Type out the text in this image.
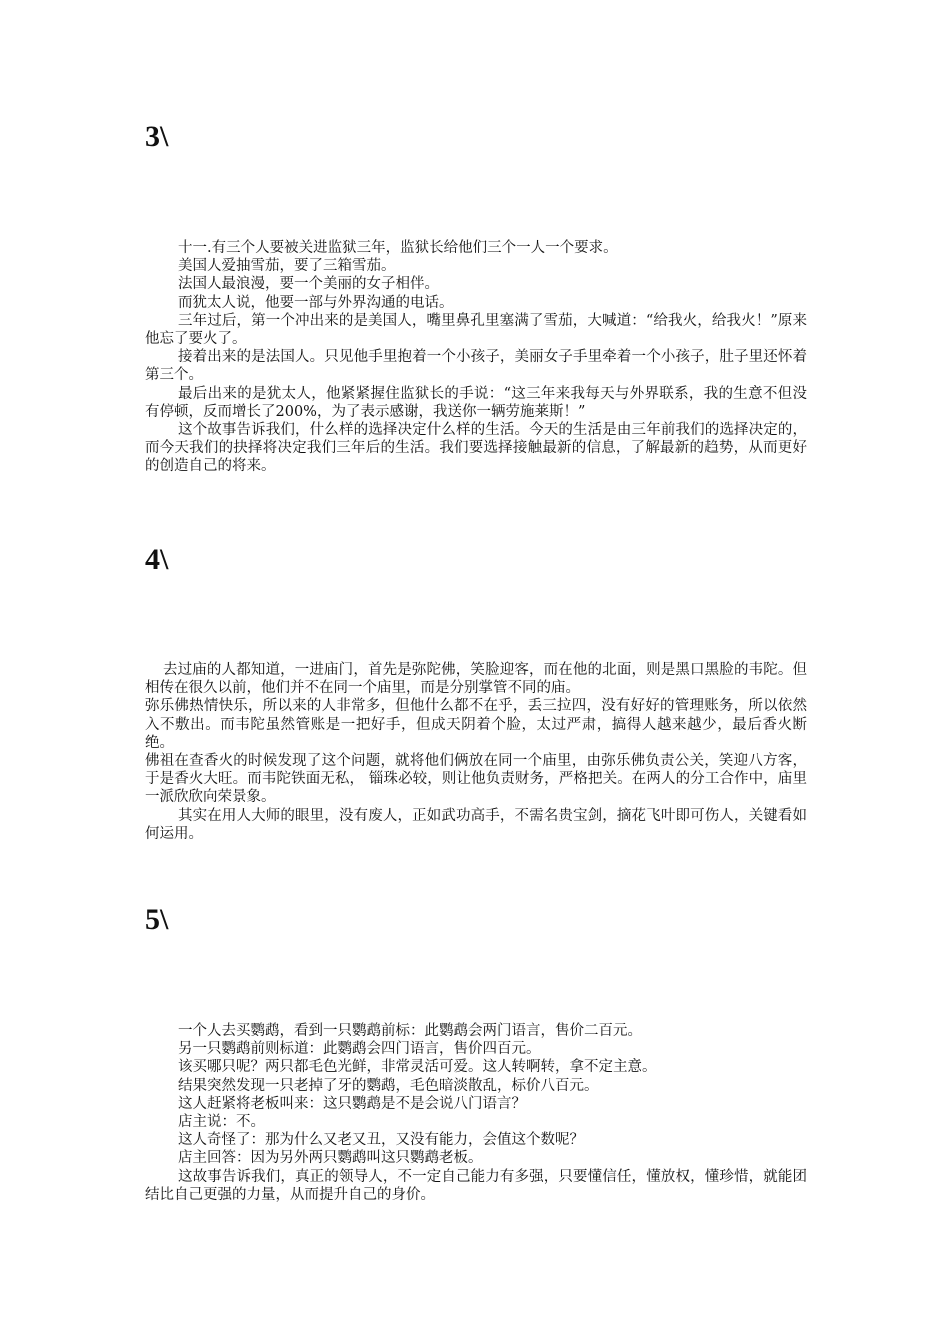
3\

十一.有三个人要被关进监狱三年，监狱长给他们三个一人一个要求。

美国人爱抽雪茄，要了三箱雪茄。

法国人最浪漫，要一个美丽的女子相伴。

而犹太人说，他要一部与外界沟通的电话。

三年过后，第一个冲出来的是美国人，嘴里鼻孔里塞满了雪茄，大喊道：“给我火，给我火！”原来他忘了要火了。

接着出来的是法国人。只见他手里抱着一个小孩子，美丽女子手里牵着一个小孩子，肚子里还怀着第三个。

最后出来的是犹太人，他紧紧握住监狱长的手说：“这三年来我每天与外界联系，我的生意不但没有停顿，反而增长了200%，为了表示感谢，我送你一辆劳施莱斯！”

这个故事告诉我们，什么样的选择决定什么样的生活。今天的生活是由三年前我们的选择决定的，而今天我们的抉择将决定我们三年后的生活。我们要选择接触最新的信息，了解最新的趋势，从而更好的创造自己的将来。

4\

去过庙的人都知道，一进庙门，首先是弥陀佛，笑脸迎客，而在他的北面，则是黑口黑脸的韦陀。但相传在很久以前，他们并不在同一个庙里，而是分别掌管不同的庙。

弥乐佛热情快乐，所以来的人非常多，但他什么都不在乎，丢三拉四，没有好好的管理账务，所以依然入不敷出。而韦陀虽然管账是一把好手，但成天阴着个脸，太过严肃，搞得人越来越少，最后香火断绝。

佛祖在查香火的时候发现了这个问题，就将他们俩放在同一个庙里，由弥乐佛负责公关，笑迎八方客，于是香火大旺。而韦陀铁面无私， 锱珠必较，则让他负责财务，严格把关。在两人的分工合作中，庙里一派欣欣向荣景象。

其实在用人大师的眼里，没有废人，正如武功高手，不需名贵宝剑，摘花飞叶即可伤人，关键看如何运用。

5\

一个人去买鹦鹉，看到一只鹦鹉前标：此鹦鹉会两门语言，售价二百元。

另一只鹦鹉前则标道：此鹦鹉会四门语言，售价四百元。

该买哪只呢？两只都毛色光鲜，非常灵活可爱。这人转啊转，拿不定主意。

结果突然发现一只老掉了牙的鹦鹉，毛色暗淡散乱，标价八百元。

这人赶紧将老板叫来：这只鹦鹉是不是会说八门语言？

店主说：不。

这人奇怪了：那为什么又老又丑，又没有能力，会值这个数呢？

店主回答：因为另外两只鹦鹉叫这只鹦鹉老板。

这故事告诉我们，真正的领导人，不一定自己能力有多强，只要懂信任，懂放权，懂珍惜，就能团结比自己更强的力量，从而提升自己的身价。
